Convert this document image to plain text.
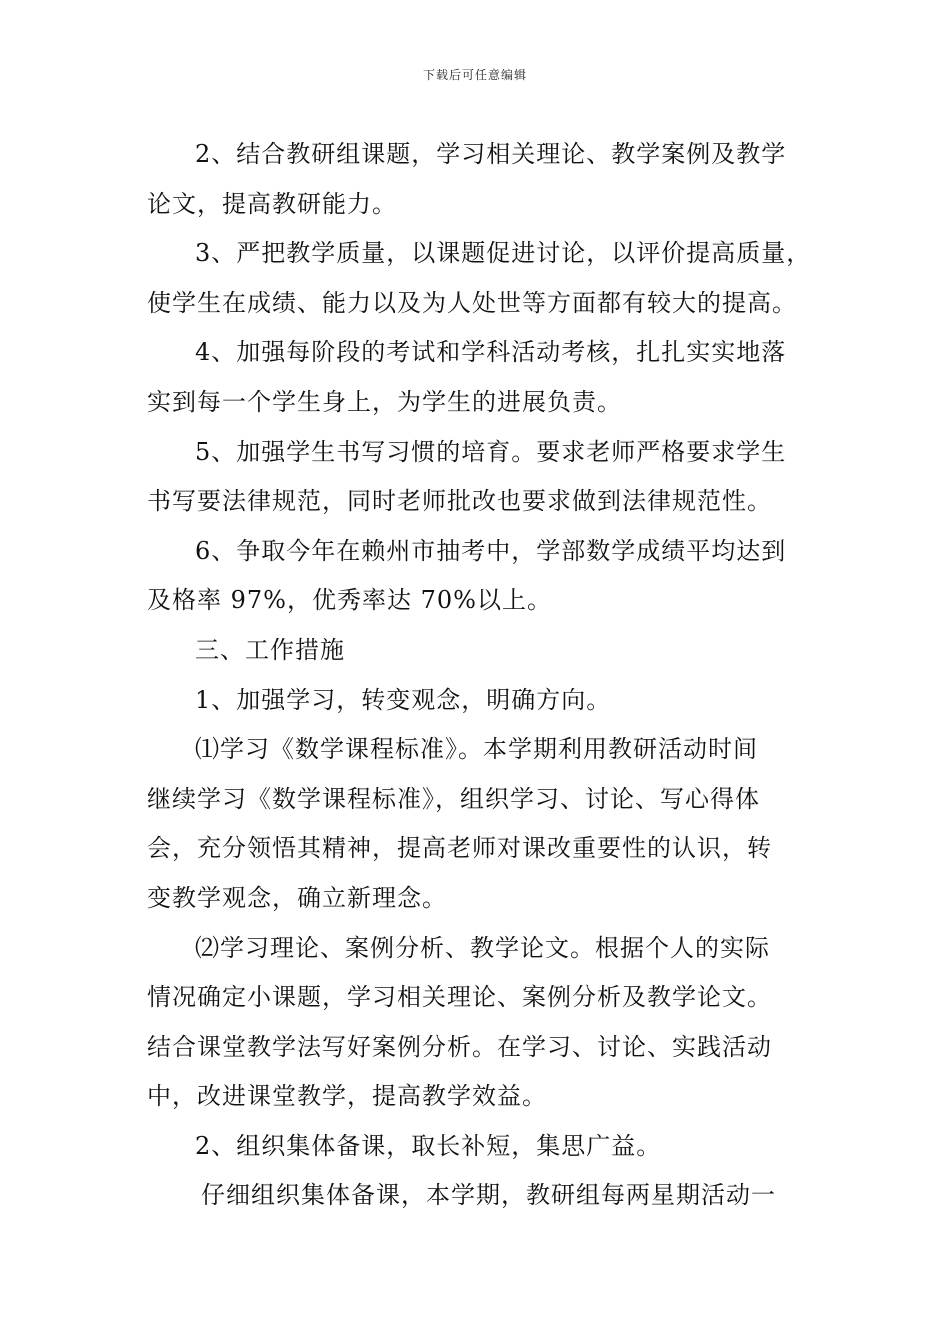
下载后可任意编辑
2、结合教研组课题，学习相关理论、教学案例及教学
论文，提高教研能力。
3、严把教学质量，以课题促进讨论，以评价提高质量，
使学生在成绩、能力以及为人处世等方面都有较大的提高。
4、加强每阶段的考试和学科活动考核，扎扎实实地落
实到每一个学生身上，为学生的进展负责。
5、加强学生书写习惯的培育。要求老师严格要求学生
书写要法律规范，同时老师批改也要求做到法律规范性。
6、争取今年在赖州市抽考中，学部数学成绩平均达到
及格率 97%，优秀率达 70%以上。
三、工作措施
1、加强学习，转变观念，明确方向。
⑴学习《数学课程标准》。本学期利用教研活动时间
继续学习《数学课程标准》，组织学习、讨论、写心得体
会，充分领悟其精神，提高老师对课改重要性的认识，转
变教学观念，确立新理念。
⑵学习理论、案例分析、教学论文。根据个人的实际
情况确定小课题，学习相关理论、案例分析及教学论文。
结合课堂教学法写好案例分析。在学习、讨论、实践活动
中，改进课堂教学，提高教学效益。
2、组织集体备课，取长补短，集思广益。
仔细组织集体备课，本学期，教研组每两星期活动一
